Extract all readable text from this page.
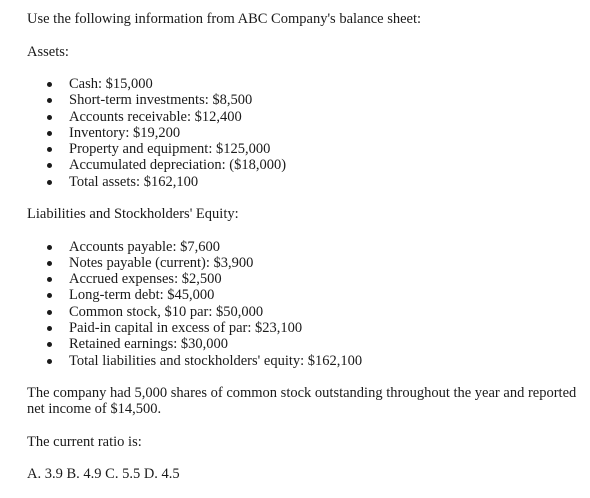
Use the following information from ABC Company's balance sheet:

Assets:

Cash: $15,000
Short-term investments: $8,500
Accounts receivable: $12,400
Inventory: $19,200
Property and equipment: $125,000
Accumulated depreciation: ($18,000)
Total assets: $162,100

Liabilities and Stockholders' Equity:

Accounts payable: $7,600
Notes payable (current): $3,900
Accrued expenses: $2,500
Long-term debt: $45,000
Common stock, $10 par: $50,000
Paid-in capital in excess of par: $23,100
Retained earnings: $30,000
Total liabilities and stockholders' equity: $162,100

The company had 5,000 shares of common stock outstanding throughout the year and reported net income of $14,500.

The current ratio is:

A. 3.9 B. 4.9 C. 5.5 D. 4.5
